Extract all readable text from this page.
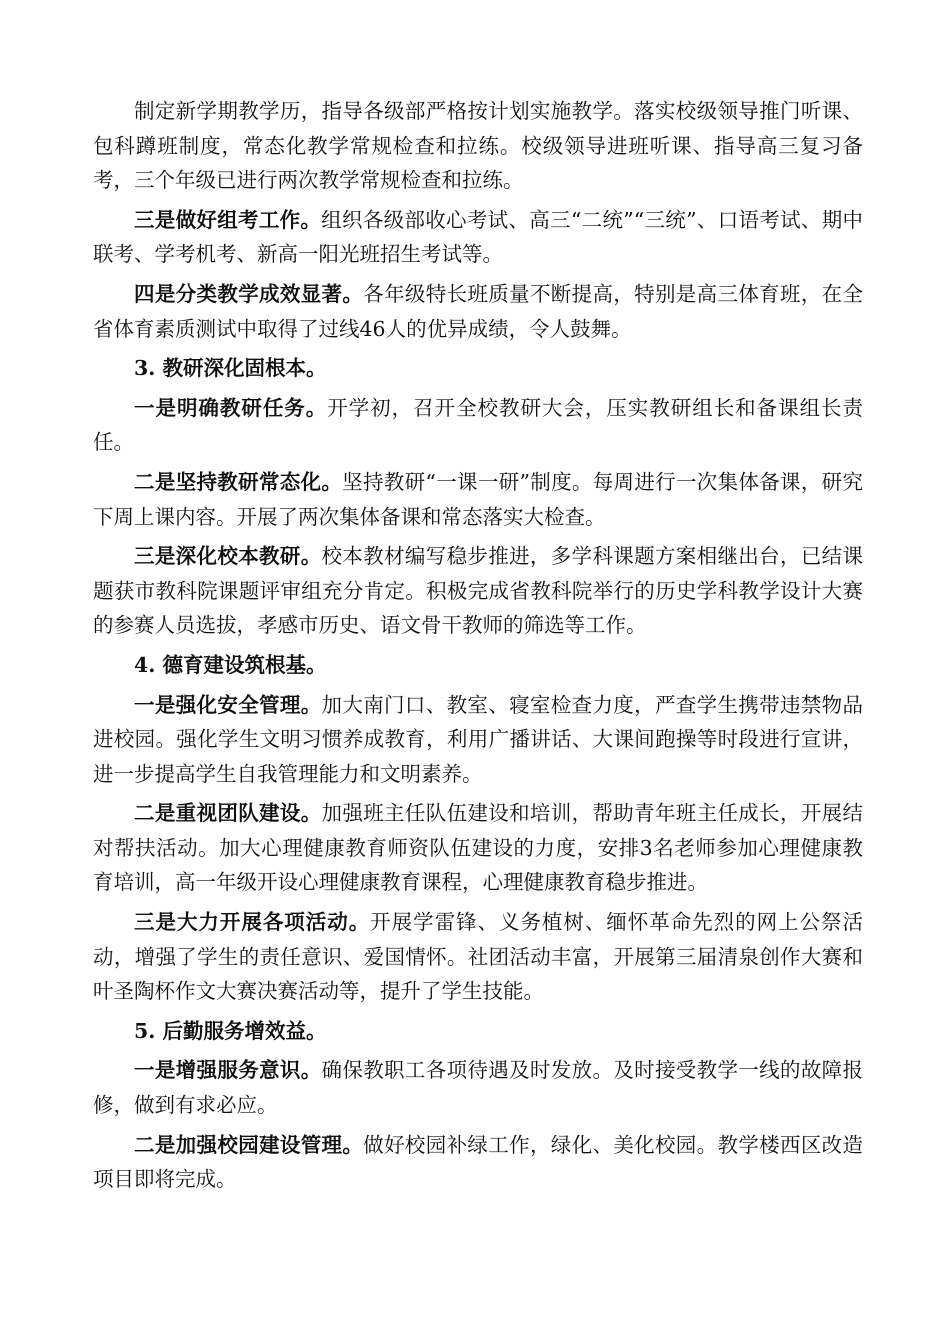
制定新学期教学历，指导各级部严格按计划实施教学。落实校级领导推门听课、包科蹲班制度，常态化教学常规检查和拉练。校级领导进班听课、指导高三复习备考，三个年级已进行两次教学常规检查和拉练。

三是做好组考工作。组织各级部收心考试、高三“二统”“三统”、口语考试、期中联考、学考机考、新高一阳光班招生考试等。

四是分类教学成效显著。各年级特长班质量不断提高，特别是高三体育班，在全省体育素质测试中取得了过线46人的优异成绩，令人鼓舞。

3. 教研深化固根本。

一是明确教研任务。开学初，召开全校教研大会，压实教研组长和备课组长责任。

二是坚持教研常态化。坚持教研“一课一研”制度。每周进行一次集体备课，研究下周上课内容。开展了两次集体备课和常态落实大检查。

三是深化校本教研。校本教材编写稳步推进，多学科课题方案相继出台，已结课题获市教科院课题评审组充分肯定。积极完成省教科院举行的历史学科教学设计大赛的参赛人员选拔，孝感市历史、语文骨干教师的筛选等工作。

4. 德育建设筑根基。

一是强化安全管理。加大南门口、教室、寝室检查力度，严查学生携带违禁物品进校园。强化学生文明习惯养成教育，利用广播讲话、大课间跑操等时段进行宣讲，进一步提高学生自我管理能力和文明素养。

二是重视团队建设。加强班主任队伍建设和培训，帮助青年班主任成长，开展结对帮扶活动。加大心理健康教育师资队伍建设的力度，安排3名老师参加心理健康教育培训，高一年级开设心理健康教育课程，心理健康教育稳步推进。

三是大力开展各项活动。开展学雷锋、义务植树、缅怀革命先烈的网上公祭活动，增强了学生的责任意识、爱国情怀。社团活动丰富，开展第三届清泉创作大赛和叶圣陶杯作文大赛决赛活动等，提升了学生技能。

5. 后勤服务增效益。

一是增强服务意识。确保教职工各项待遇及时发放。及时接受教学一线的故障报修，做到有求必应。

二是加强校园建设管理。做好校园补绿工作，绿化、美化校园。教学楼西区改造项目即将完成。
